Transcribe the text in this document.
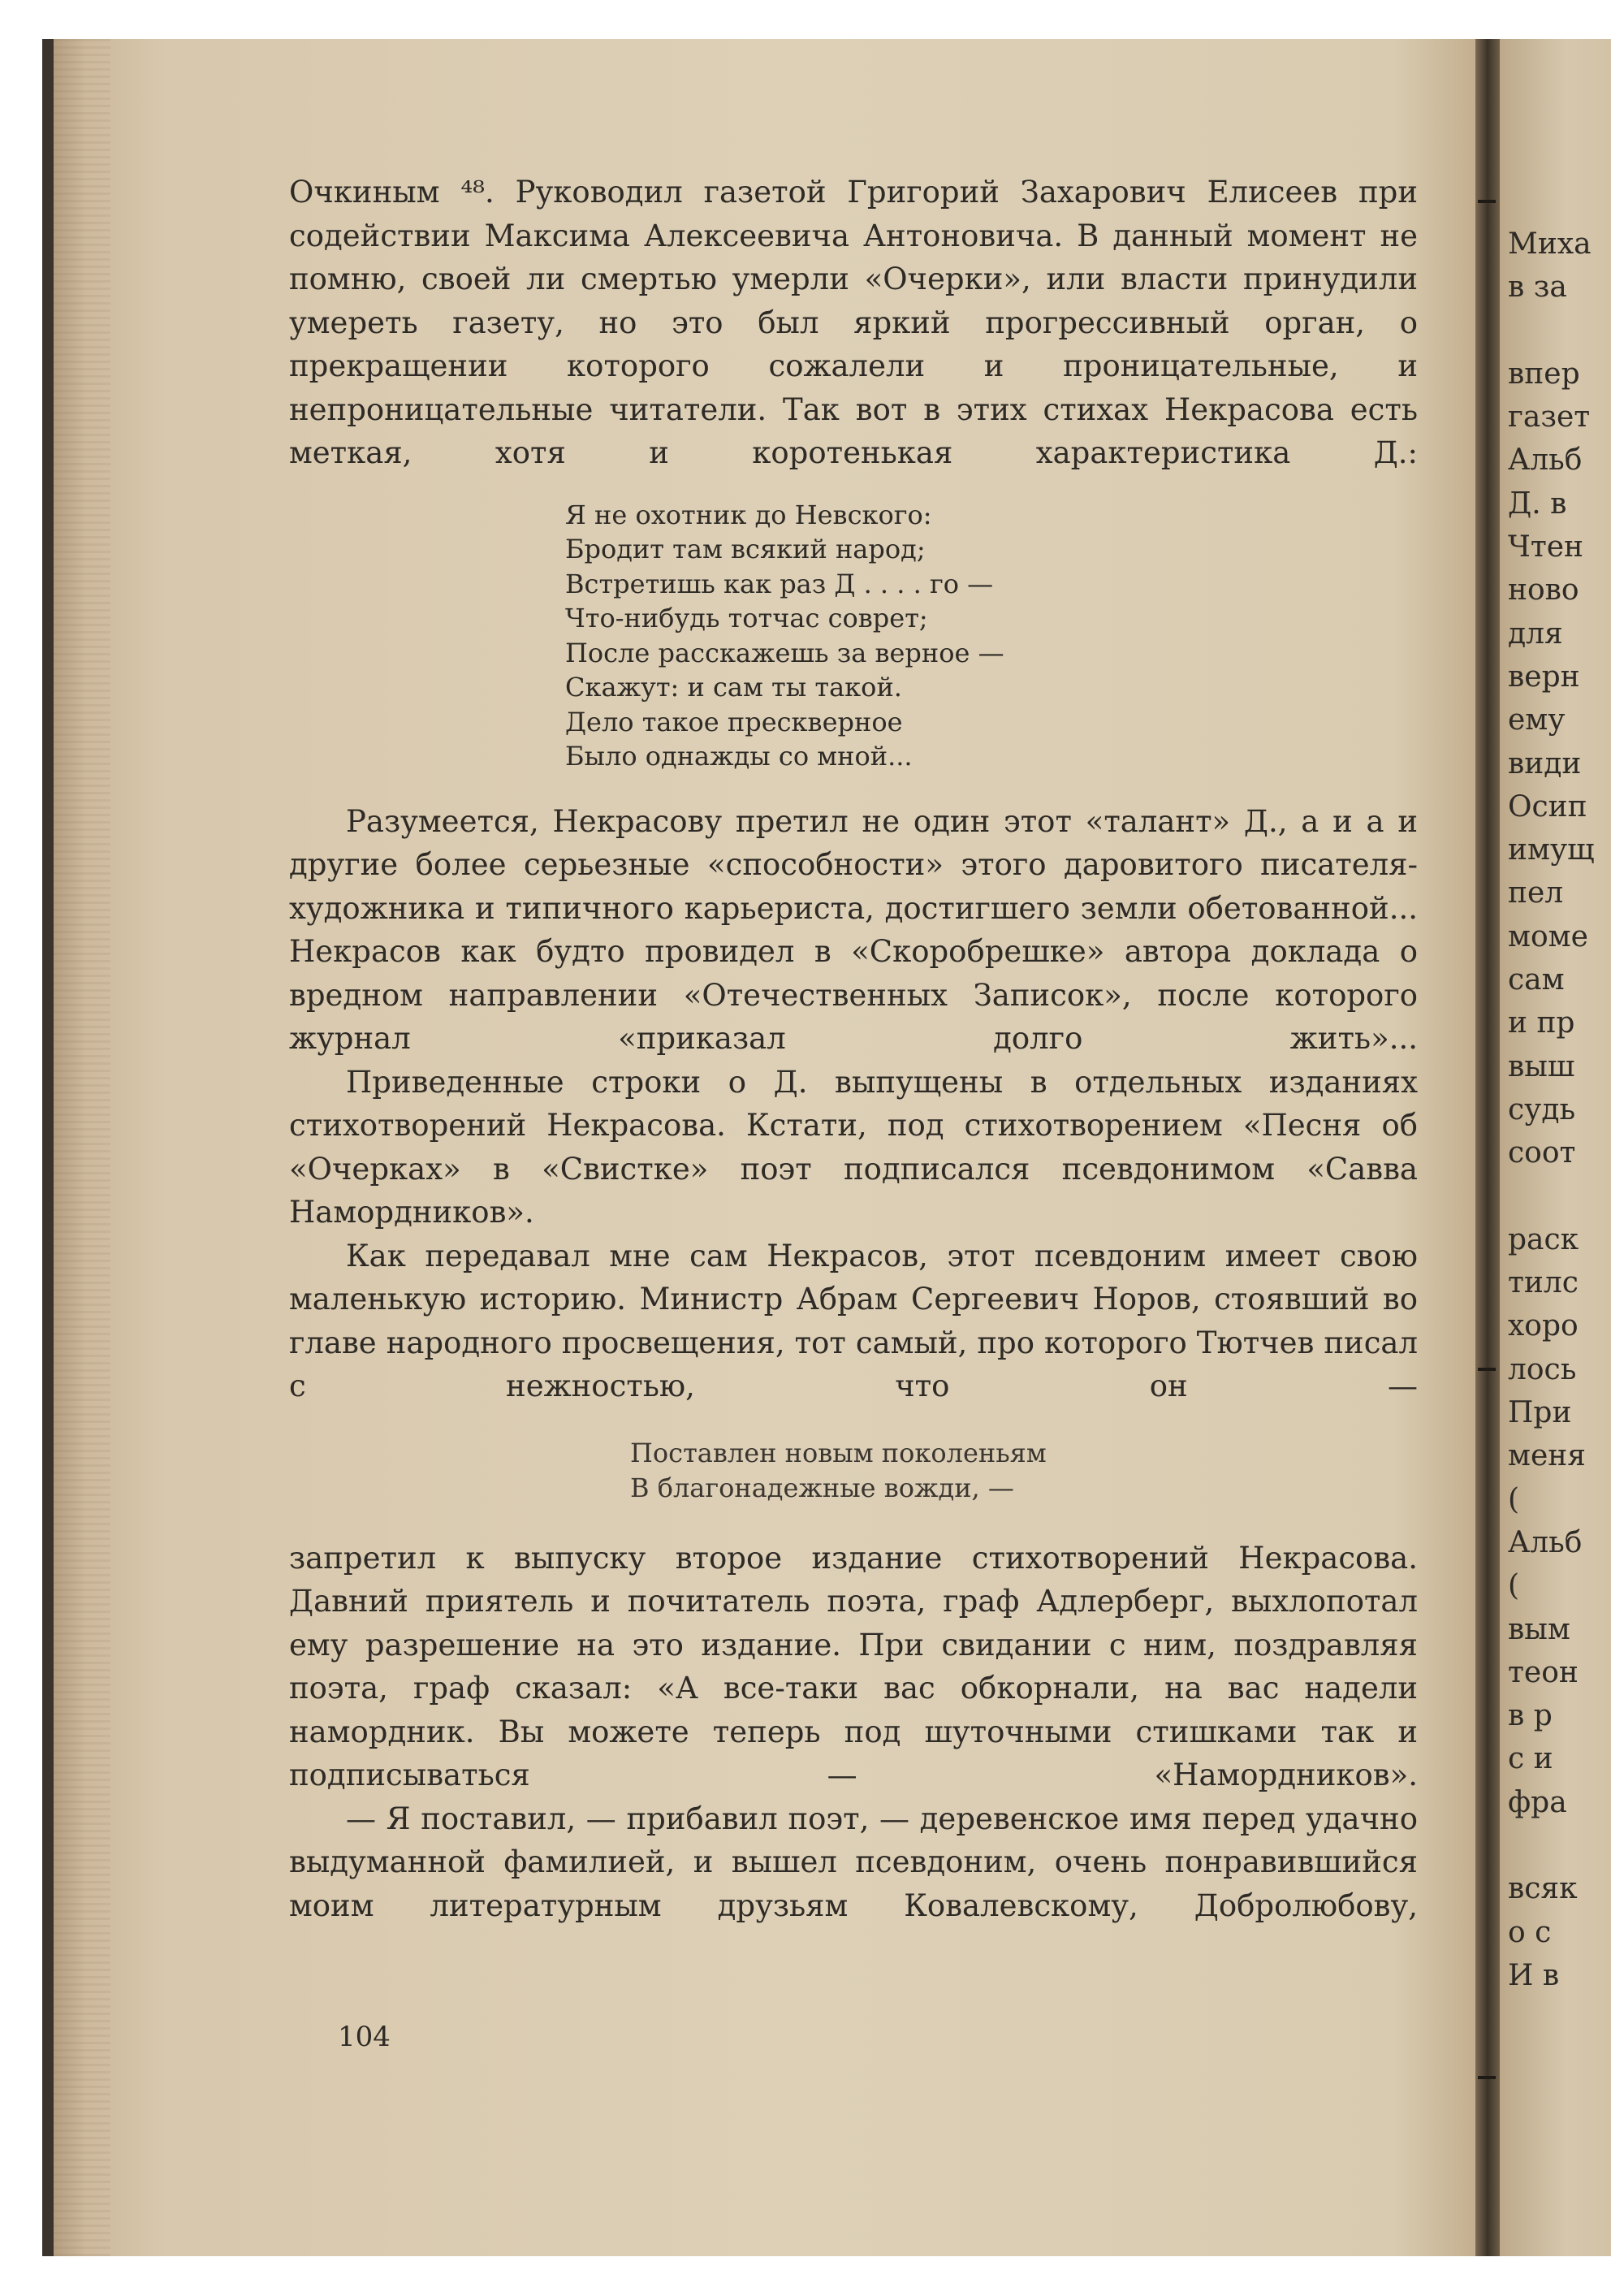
Очкиным ⁴⁸. Руководил газетой Григорий Захарович Елисеев при содействии Максима Алексеевича Антоновича. В данный момент не помню, своей ли смертью умерли «Очерки», или власти принудили умереть газету, но это был яркий прогрессивный орган, о прекращении которого сожалели и проницательные, и непроницательные читатели. Так вот в этих стихах Некрасова есть меткая, хотя и коротенькая характеристика Д.:

Я не охотник до Невского:
Бродит там всякий народ;
Встретишь как раз Д . . . . го —
Что-нибудь тотчас соврет;
После расскажешь за верное —
Скажут: и сам ты такой.
Дело такое прескверное
Было однажды со мной...

Разумеется, Некрасову претил не один этот «талант» Д., а и а и другие более серьезные «способности» этого даровитого писателя-художника и типичного карьериста, достигшего земли обетованной... Некрасов как будто провидел в «Скоробрешке» автора доклада о вредном направлении «Отечественных Записок», после которого журнал «приказал долго жить»...

Приведенные строки о Д. выпущены в отдельных изданиях стихотворений Некрасова. Кстати, под стихотворением «Песня об «Очерках» в «Свистке» поэт подписался псевдонимом «Савва Намордников».

Как передавал мне сам Некрасов, этот псевдоним имеет свою маленькую историю. Министр Абрам Сергеевич Норов, стоявший во главе народного просвещения, тот самый, про которого Тютчев писал с нежностью, что он —

Поставлен новым поколеньям
В благонадежные вожди, —

запретил к выпуску второе издание стихотворений Некрасова. Давний приятель и почитатель поэта, граф Адлерберг, выхлопотал ему разрешение на это издание. При свидании с ним, поздравляя поэта, граф сказал: «А все-таки вас обкорнали, на вас надели намордник. Вы можете теперь под шуточными стишками так и подписываться — «Намордников».

— Я поставил, — прибавил поэт, — деревенское имя перед удачно выдуманной фамилией, и вышел псевдоним, очень понравившийся моим литературным друзьям Ковалевскому, Добролюбову,

104
Миха
в за

впер
газет
Альб
Д. в
Чтен
ново
для
верн
ему
види
Осип
имущ
пел
моме
сам
и пр
выш
судь
соот

раск
тилс
хоро
лось
При
меня
(
Альб
(
вым
теон
в р
с и
фра

всяк
о с
И в
